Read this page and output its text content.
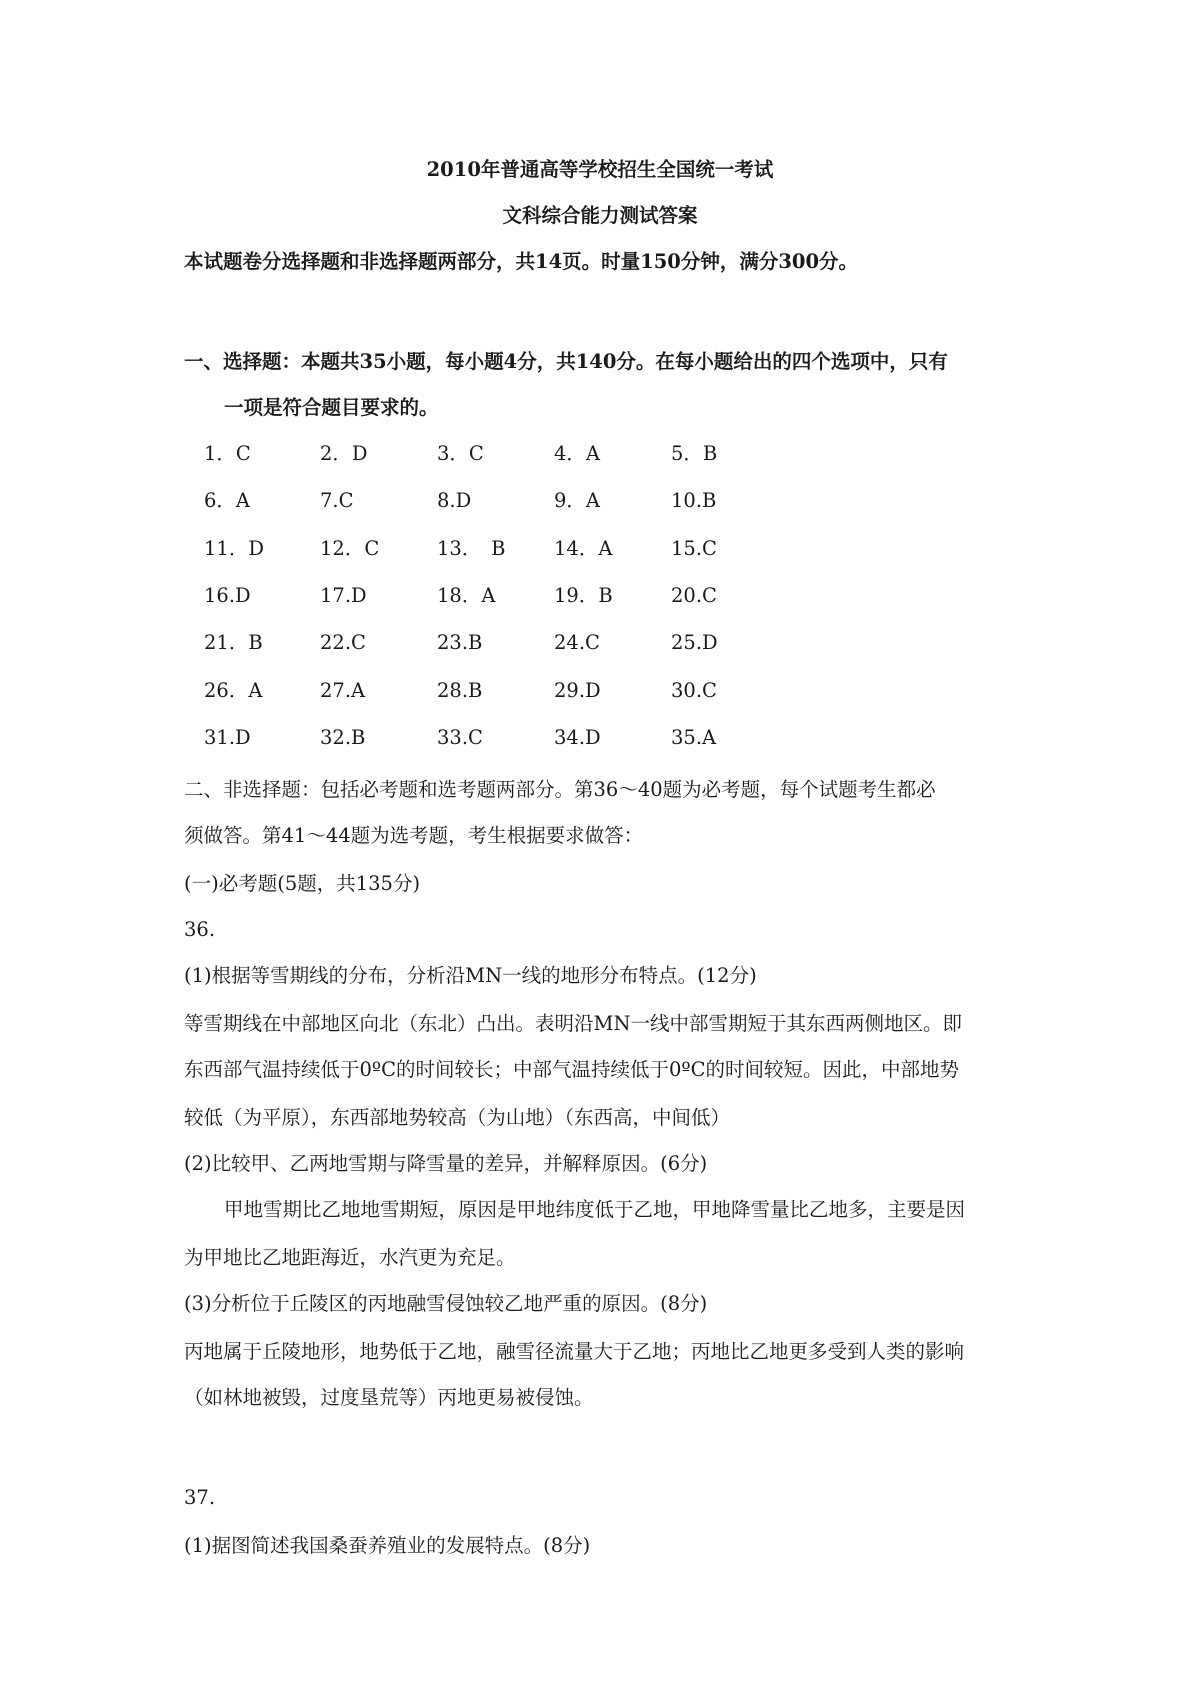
2010年普通高等学校招生全国统一考试
文科综合能力测试答案
本试题卷分选择题和非选择题两部分，共14页。时量150分钟，满分300分。
一、选择题：本题共35小题，每小题4分，共140分。在每小题给出的四个选项中，只有
一项是符合题目要求的。
1．C	2．D	3．C	4．A	5．B
6．A	7.C	8.D	9．A	10.B
11．D	12．C	13．　B 14．A	15.C
16.D	17.D	18．A	19．B	20.C
21．B	22.C	23.B	24.C	25.D
26．A	27.A	28.B	29.D	30.C
31.D	32.B	33.C	34.D	35.A
二、非选择题：包括必考题和选考题两部分。第36～40题为必考题，每个试题考生都必
须做答。第41～44题为选考题，考生根据要求做答：
(一)必考题(5题，共135分)
36.
(1)根据等雪期线的分布，分析沿MN一线的地形分布特点。(12分)
等雪期线在中部地区向北（东北）凸出。表明沿MN一线中部雪期短于其东西两侧地区。即
东西部气温持续低于0ºC的时间较长；中部气温持续低于0ºC的时间较短。因此，中部地势
较低（为平原），东西部地势较高（为山地）（东西高，中间低）
(2)比较甲、乙两地雪期与降雪量的差异，并解释原因。(6分)
甲地雪期比乙地地雪期短，原因是甲地纬度低于乙地，甲地降雪量比乙地多，主要是因
为甲地比乙地距海近，水汽更为充足。
(3)分析位于丘陵区的丙地融雪侵蚀较乙地严重的原因。(8分)
丙地属于丘陵地形，地势低于乙地，融雪径流量大于乙地；丙地比乙地更多受到人类的影响
（如林地被毁，过度垦荒等）丙地更易被侵蚀。
37.
(1)据图简述我国桑蚕养殖业的发展特点。(8分)
